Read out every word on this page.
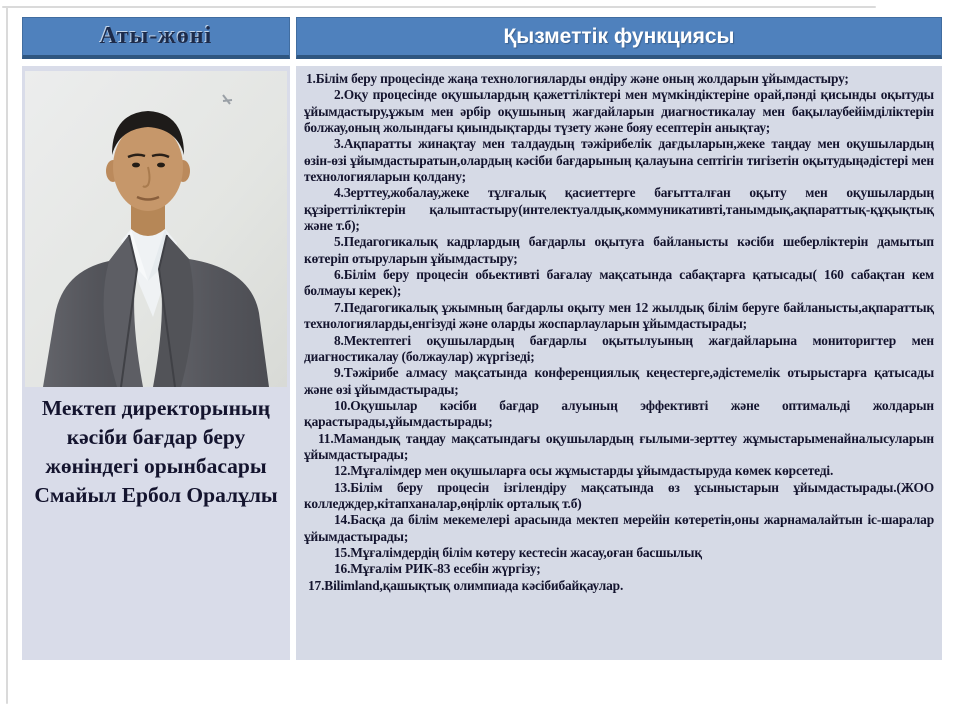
Аты-жөні	Қызметтік функциясы
Мектеп директорының
кәсіби бағдар беру
жөніндегі орынбасары
Смайыл Ербол Оралұлы

1.Білім беру процесінде жаңа технологияларды өндіру және оның жолдарын ұйымдастыру;

2.Оқу процесінде оқушылардың қажеттіліктері мен мүмкіндіктеріне орай,пәнді қисынды оқытуды ұйымдастыру,ұжым мен әрбір оқушының жағдайларын диагностикалау мен бақылаубейімділіктерін болжау,оның жолындағы қиындықтарды түзету және бояу есептерін анықтау;

3.Ақпаратты жинақтау мен талдаудың тәжірибелік дағдыларын,жеке таңдау мен оқушылардың өзін-өзі ұйымдастыратын,олардың кәсіби бағдарының қалауына септігін тигізетін оқытудыңәдістері мен технологияларын қолдану;

4.Зерттеу,жобалау,жеке тұлғалық қасиеттерге бағытталған оқыту мен оқушылардың құзіреттіліктерін қалыптастыру(интелектуалдық,коммуникативті,танымдық,ақпараттық-құқықтық және т.б);

5.Педагогикалық кадрлардың бағдарлы оқытуға байланысты кәсіби шеберліктерін дамытып көтеріп отыруларын ұйымдастыру;

6.Білім беру процесін обьективті бағалау мақсатында сабақтарға қатысады( 160 сабақтан кем болмауы керек);

7.Педагогикалық ұжымның бағдарлы оқыту мен 12 жылдық білім беруге байланысты,ақпараттық технологияларды,енгізуді және оларды жоспарлауларын ұйымдастырады;

8.Мектептегі оқушылардың бағдарлы оқытылуының жағдайларына мониторигтер мен диагностикалау (болжаулар) жүргізеді;

9.Тәжірибе алмасу мақсатында конференциялық кеңестерге,әдістемелік отырыстарға қатысады және өзі ұйымдастырады;

10.Оқушылар кәсіби бағдар алуының эффективті және оптимальді жолдарын қарастырады,ұйымдастырады;

11.Мамандық таңдау мақсатындағы оқушылардың ғылыми-зерттеу жұмыстарыменайналысуларын ұйымдастырады;

12.Мұғалімдер мен оқушыларға осы жұмыстарды ұйымдастыруда көмек көрсетеді.

13.Білім беру процесін ізгілендіру мақсатында өз ұсыныстарын ұйымдастырады.(ЖОО колледждер,кітапханалар,өңірлік орталық т.б)

14.Басқа да білім мекемелері арасында мектеп мерейін көтеретін,оны жарнамалайтын іс-шаралар ұйымдастырады;

15.Мұғалімдердің білім көтеру кестесін жасау,оған басшылық

16.Мұғалім РИК-83 есебін жүргізу;

17.Bilimland,қашықтық олимпиада кәсібибайқаулар.
